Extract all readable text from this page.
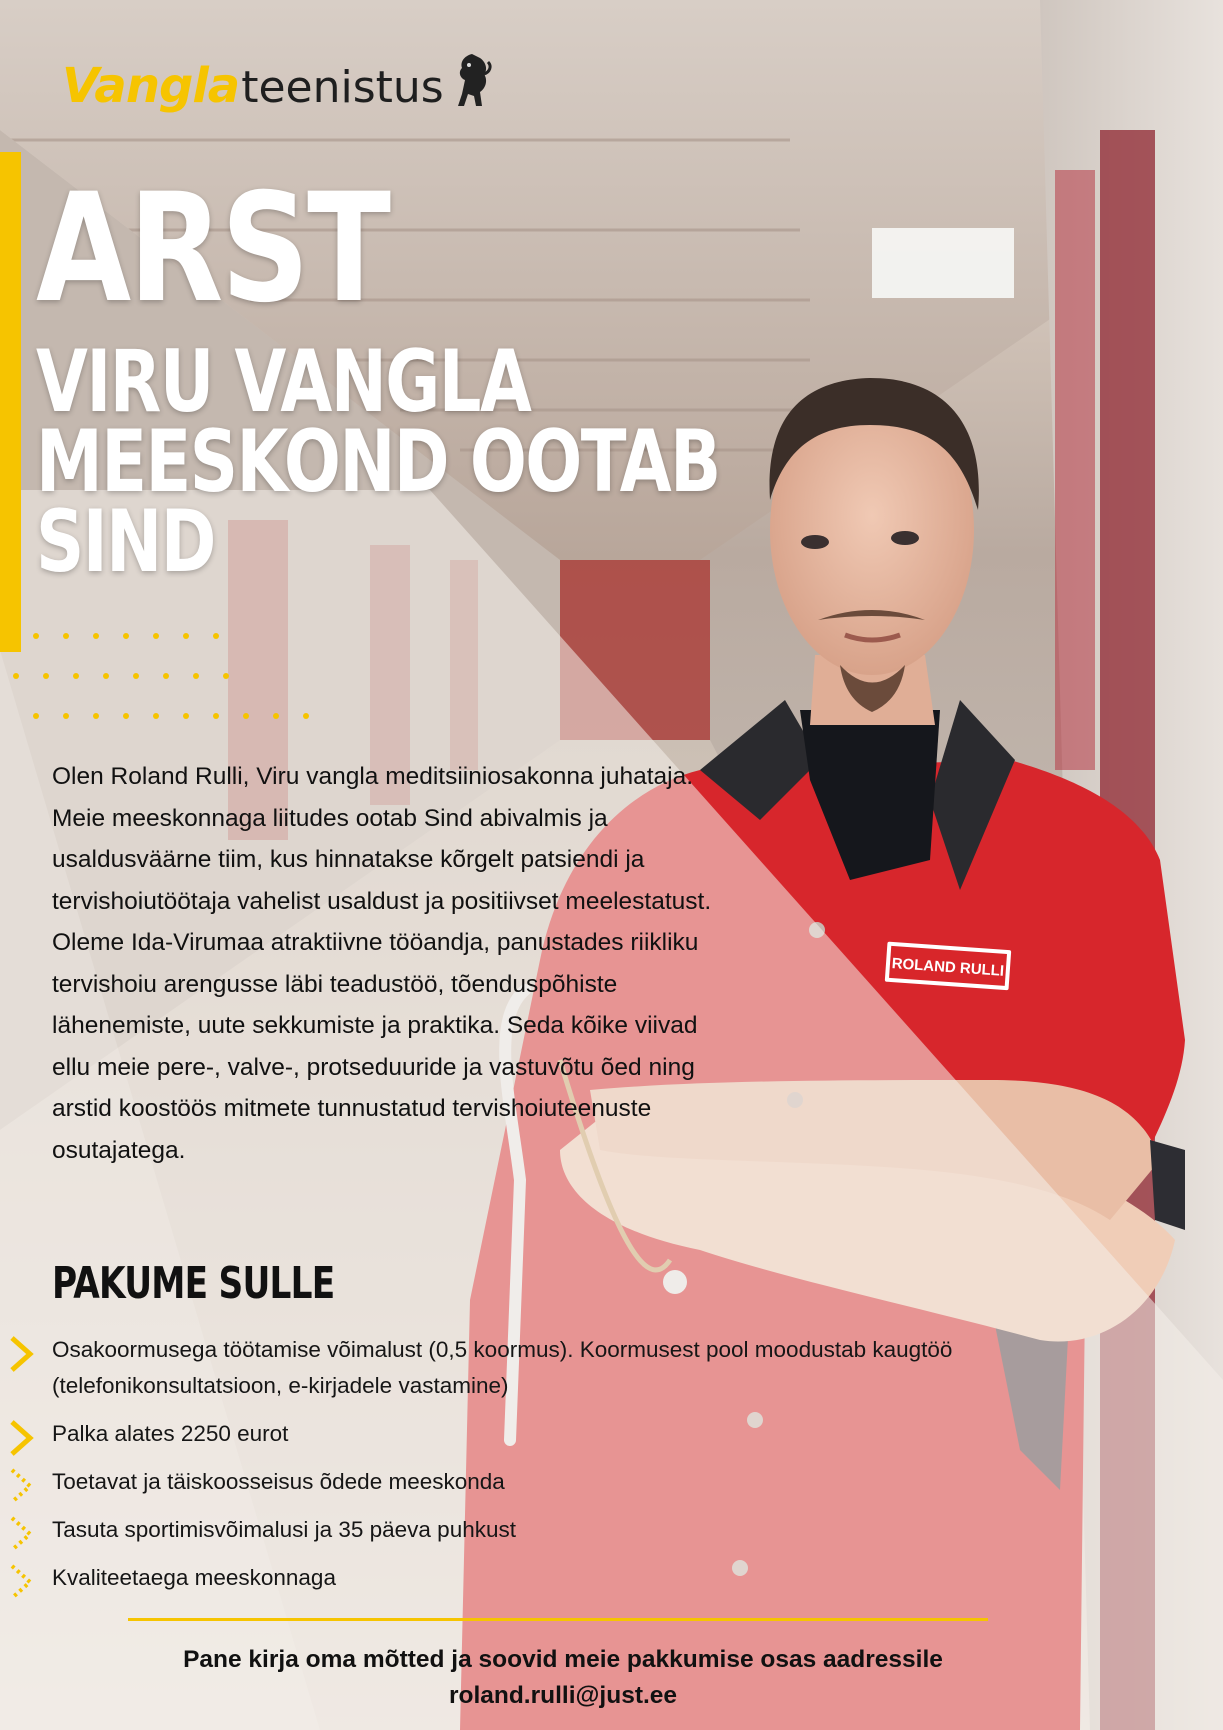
ROLAND RULLI
Vangla teenistus
ARST
VIRU VANGLA
MEESKOND OOTAB
SIND

Olen Roland Rulli, Viru vangla meditsiiniosakonna juhataja. Meie meeskonnaga liitudes ootab Sind abivalmis ja usaldusväärne tiim, kus hinnatakse kõrgelt patsiendi ja tervishoiutöötaja vahelist usaldust ja positiivset meelestatust. Oleme Ida-Virumaa atraktiivne tööandja, panustades riikliku tervishoiu arengusse läbi teadustöö, tõenduspõhiste lähenemiste, uute sekkumiste ja praktika. Seda kõike viivad ellu meie pere-, valve-, protseduuride ja vastuvõtu õed ning arstid koostöös mitmete tunnustatud tervishoiuteenuste osutajatega.

PAKUME SULLE
Osakoormusega töötamise võimalust (0,5 koormus). Koormusest pool moodustab kaugtöö (telefonikonsultatsioon, e-kirjadele vastamine)
Palka alates 2250 eurot
Toetavat ja täiskoosseisus õdede meeskonda
Tasuta sportimisvõimalusi ja 35 päeva puhkust
Kvaliteetaega meeskonnaga
Pane kirja oma mõtted ja soovid meie pakkumise osas aadressile
roland.rulli@just.ee
